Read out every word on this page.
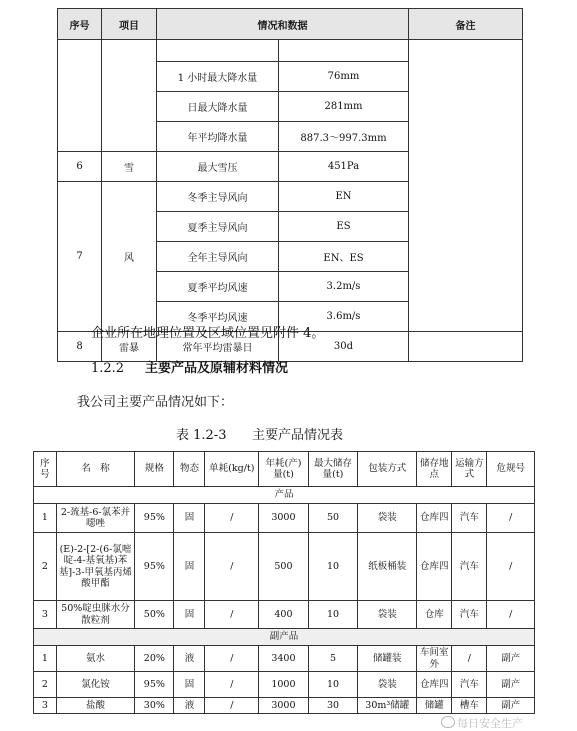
序号	项目	情况和数据		备注

		1 小时最大降水量	76mm	
		日最大降水量	281mm	
		年平均降水量	887.3～997.3mm	
6	雪	最大雪压	451Pa	
7	风	冬季主导风向	EN	
		夏季主导风向	ES	
		全年主导风向	EN、ES	
		夏季平均风速	3.2m/s	
		冬季平均风速	3.6m/s	
8	雷暴	常年平均雷暴日	30d	
企业所在地理位置及区域位置见附件 4。
1.2.2 主要产品及原辅材料情况
我公司主要产品情况如下：
表 1.2-3 主要产品情况表
序号	名　称	规格	物态	单耗(kg/t)	年耗(产)量(t)	最大储存量(t)	包装方式	储存地点	运输方式	危规号
产品										
1	2-巯基-6-氯苯并噁唑	95%	固	/	3000	50	袋装	仓库四	汽车	/
2	(E)-2-[2-(6-氯嘧啶-4-基氧基)苯基]-3-甲氧基丙烯酸甲酯	95%	固	/	500	10	纸板桶装	仓库四	汽车	/
3	50%啶虫脒水分散粒剂	50%	固	/	400	10	袋装	仓库	汽车	/
副产品										
1	氨水	20%	液	/	3400	5	储罐装	车间室外	/	副产
2	氯化铵	95%	固	/	1000	10	袋装	仓库四	汽车	副产
3	盐酸	30%	液	/	3000	30	30m³储罐	储罐	槽车	副产
每日安全生产
